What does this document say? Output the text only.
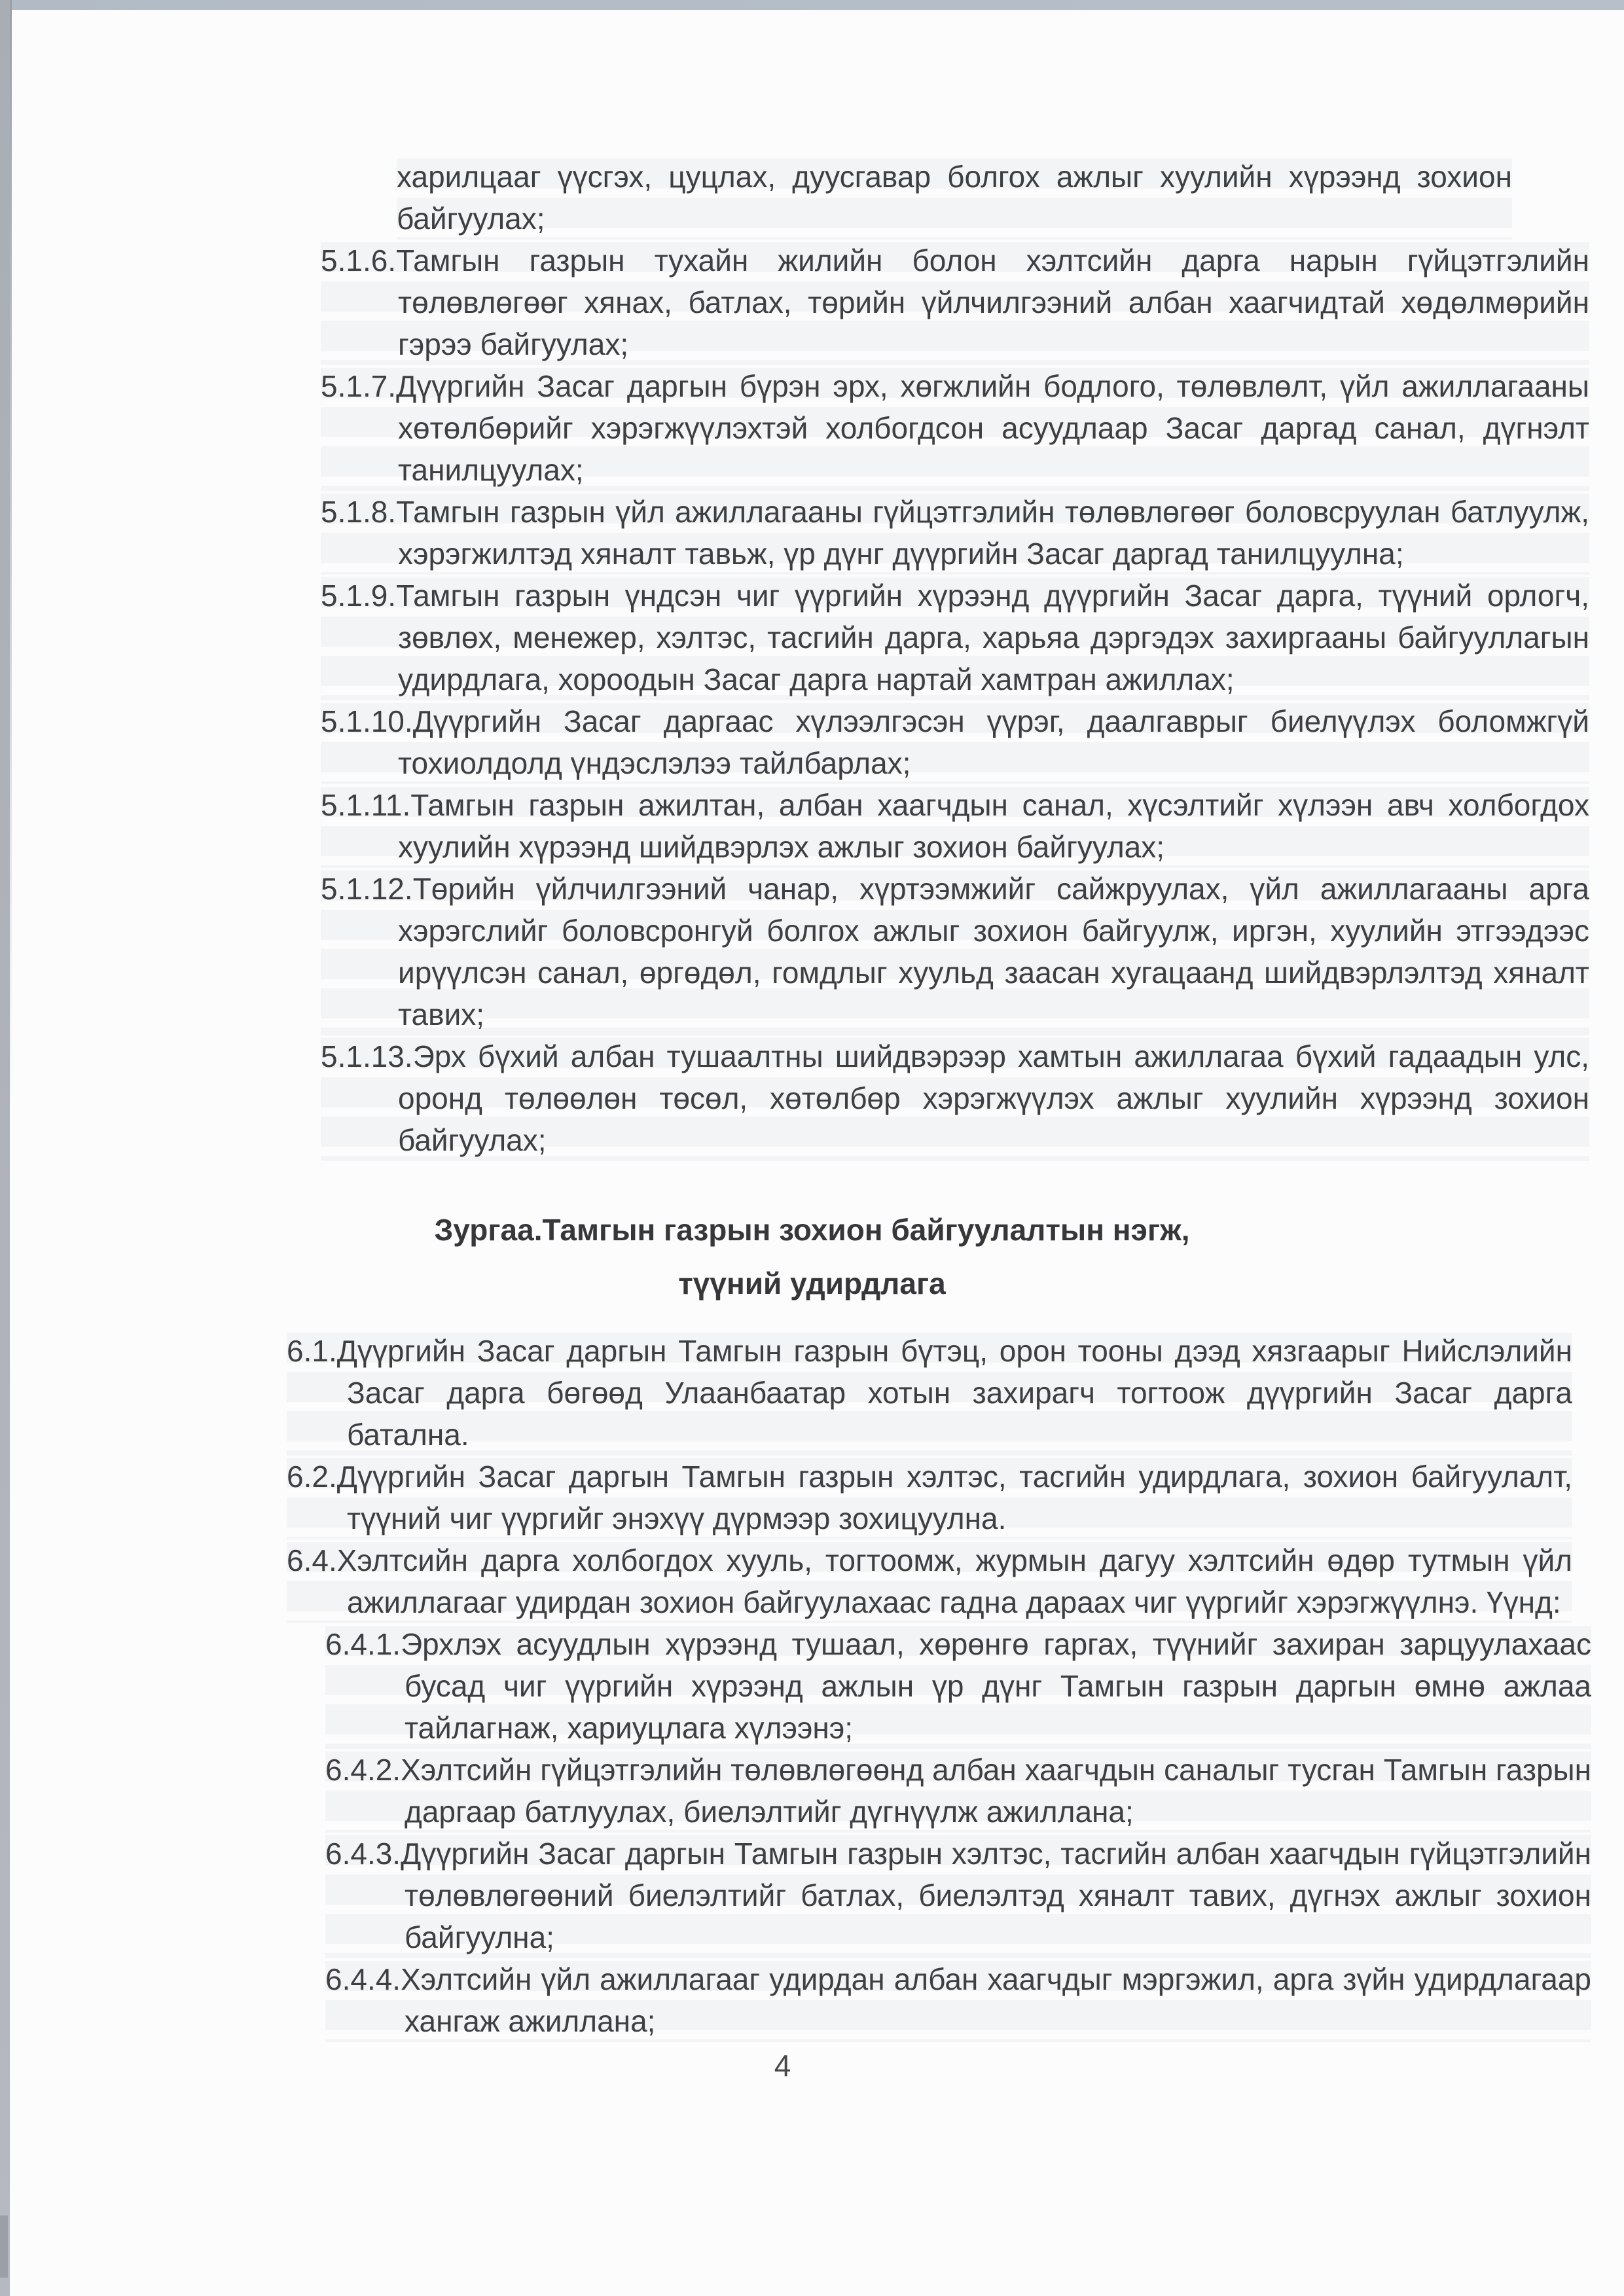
харилцааг үүсгэх, цуцлах, дуусгавар болгох ажлыг хуулийн хүрээнд зохион байгуулах;

5.1.6.Тамгын газрын тухайн жилийн болон хэлтсийн дарга нарын гүйцэтгэлийн төлөвлөгөөг хянах, батлах, төрийн үйлчилгээний албан хаагчидтай хөдөлмөрийн гэрээ байгуулах;

5.1.7.Дүүргийн Засаг даргын бүрэн эрх, хөгжлийн бодлого, төлөвлөлт, үйл ажиллагааны хөтөлбөрийг хэрэгжүүлэхтэй холбогдсон асуудлаар Засаг даргад санал, дүгнэлт танилцуулах;

5.1.8.Тамгын газрын үйл ажиллагааны гүйцэтгэлийн төлөвлөгөөг боловсруулан батлуулж, хэрэгжилтэд хяналт тавьж, үр дүнг дүүргийн Засаг даргад танилцуулна;

5.1.9.Тамгын газрын үндсэн чиг үүргийн хүрээнд дүүргийн Засаг дарга, түүний орлогч, зөвлөх, менежер, хэлтэс, тасгийн дарга, харьяа дэргэдэх захиргааны байгууллагын удирдлага, хороодын Засаг дарга нартай хамтран ажиллах;

5.1.10.Дүүргийн Засаг даргаас хүлээлгэсэн үүрэг, даалгаврыг биелүүлэх боломжгүй тохиолдолд үндэслэлээ тайлбарлах;

5.1.11.Тамгын газрын ажилтан, албан хаагчдын санал, хүсэлтийг хүлээн авч холбогдох хуулийн хүрээнд шийдвэрлэх ажлыг зохион байгуулах;

5.1.12.Төрийн үйлчилгээний чанар, хүртээмжийг сайжруулах, үйл ажиллагааны арга хэрэгслийг боловсронгуй болгох ажлыг зохион байгуулж, иргэн, хуулийн этгээдээс ирүүлсэн санал, өргөдөл, гомдлыг хуульд заасан хугацаанд шийдвэрлэлтэд хяналт тавих;

5.1.13.Эрх бүхий албан тушаалтны шийдвэрээр хамтын ажиллагаа бүхий гадаадын улс, оронд төлөөлөн төсөл, хөтөлбөр хэрэгжүүлэх ажлыг хуулийн хүрээнд зохион байгуулах;

Зургаа.Тамгын газрын зохион байгуулалтын нэгж,
түүний удирдлага

6.1.Дүүргийн Засаг даргын Тамгын газрын бүтэц, орон тооны дээд хязгаарыг Нийслэлийн Засаг дарга бөгөөд Улаанбаатар хотын захирагч тогтоож дүүргийн Засаг дарга батална.

6.2.Дүүргийн Засаг даргын Тамгын газрын хэлтэс, тасгийн удирдлага, зохион байгуулалт, түүний чиг үүргийг энэхүү дүрмээр зохицуулна.

6.4.Хэлтсийн дарга холбогдох хууль, тогтоомж, журмын дагуу хэлтсийн өдөр тутмын үйл ажиллагааг удирдан зохион байгуулахаас гадна дараах чиг үүргийг хэрэгжүүлнэ. Үүнд:

6.4.1.Эрхлэх асуудлын хүрээнд тушаал, хөрөнгө гаргах, түүнийг захиран зарцуулахаас бусад чиг үүргийн хүрээнд ажлын үр дүнг Тамгын газрын даргын өмнө ажлаа тайлагнаж, хариуцлага хүлээнэ;

6.4.2.Хэлтсийн гүйцэтгэлийн төлөвлөгөөнд албан хаагчдын саналыг тусган Тамгын газрын даргаар батлуулах, биелэлтийг дүгнүүлж ажиллана;

6.4.3.Дүүргийн Засаг даргын Тамгын газрын хэлтэс, тасгийн албан хаагчдын гүйцэтгэлийн төлөвлөгөөний биелэлтийг батлах, биелэлтэд хяналт тавих, дүгнэх ажлыг зохион байгуулна;

6.4.4.Хэлтсийн үйл ажиллагааг удирдан албан хаагчдыг мэргэжил, арга зүйн удирдлагаар хангаж ажиллана;

4
